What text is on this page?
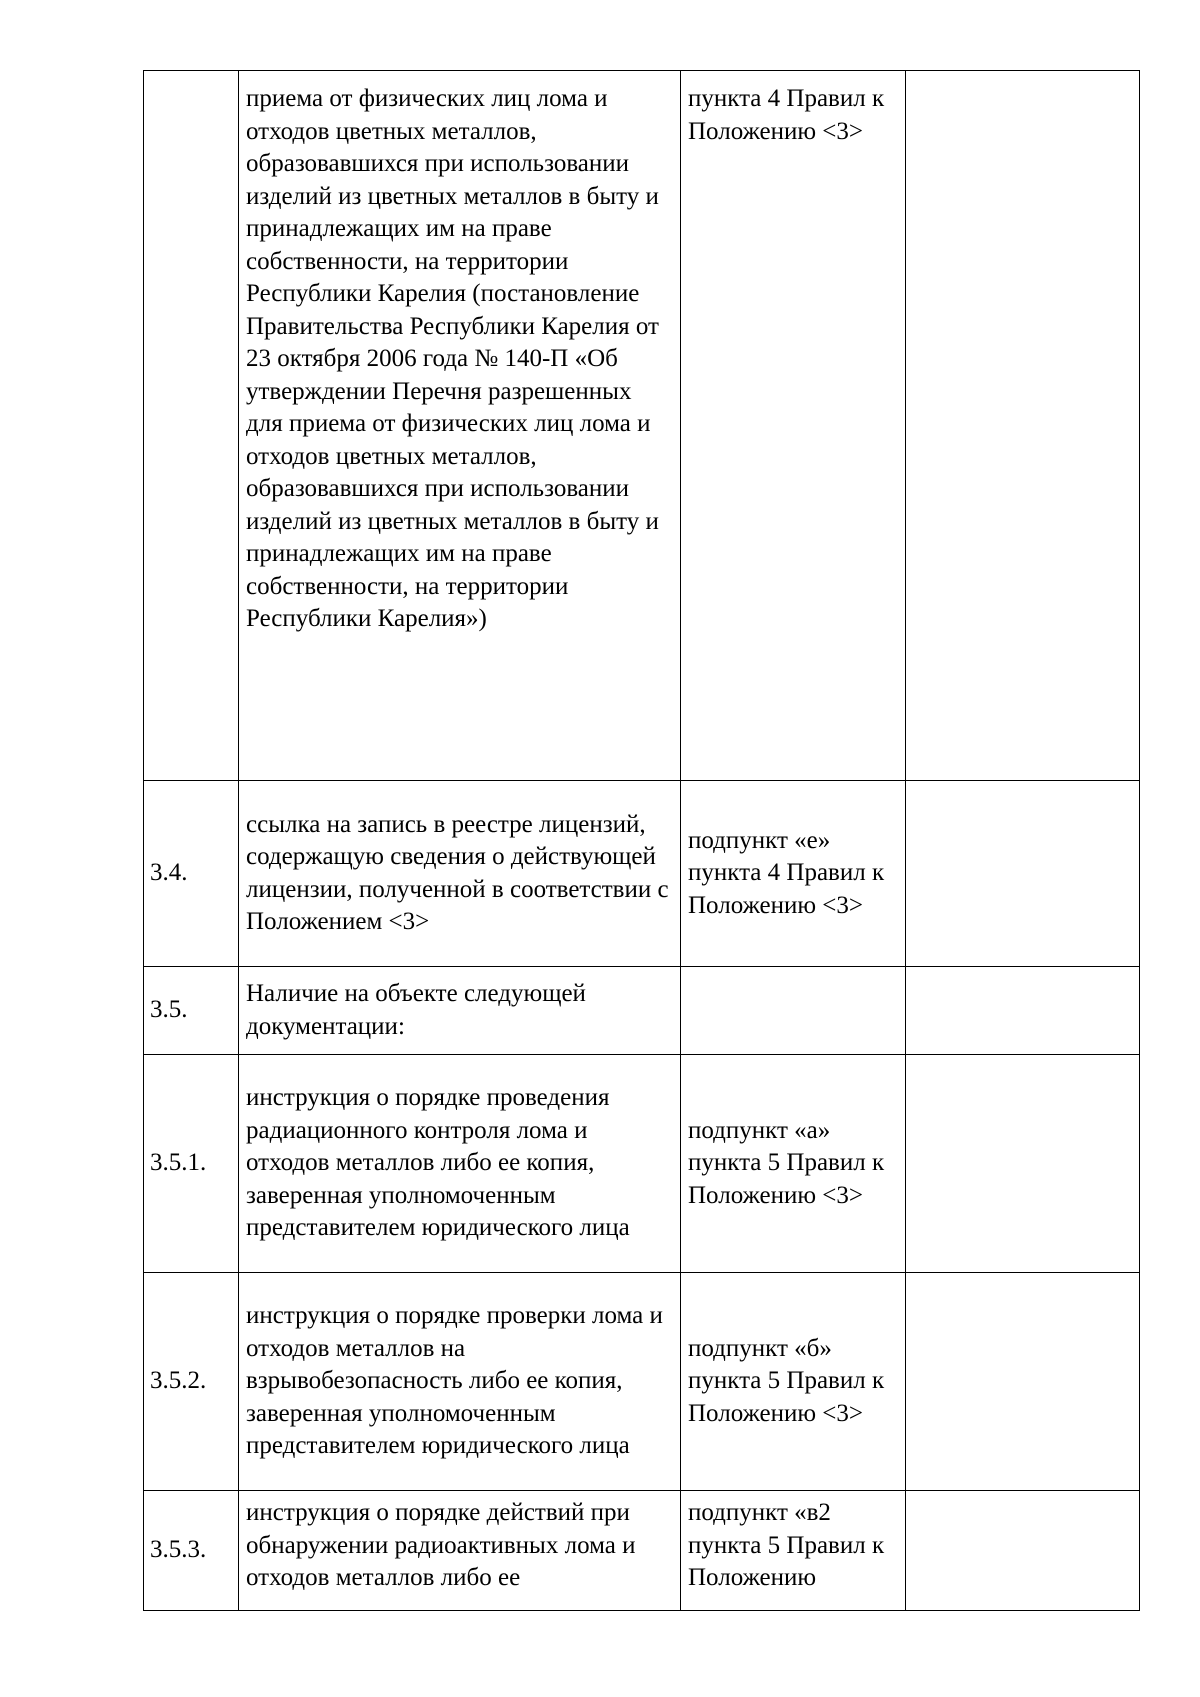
	приема от физических лиц лома и отходов цветных металлов, образовавшихся при использовании изделий из цветных металлов в быту и принадлежащих им на праве собственности, на территории Республики Карелия (постановление Правительства Республики Карелия от 23 октября 2006 года № 140-П «Об утверждении Перечня разрешенных для приема от физических лиц лома и отходов цветных металлов, образовавшихся при использовании изделий из цветных металлов в быту и принадлежащих им на праве собственности, на территории Республики Карелия»)	пункта 4 Правил к Положению <3>	

3.4.	ссылка на запись в реестре лицензий, содержащую сведения о действующей лицензии, полученной в соответствии с Положением <3>	подпункт «е» пункта 4 Правил к Положению <3>	

3.5.	Наличие на объекте следующей документации:		

3.5.1.	инструкция о порядке проведения радиационного контроля лома и отходов металлов либо ее копия, заверенная уполномоченным представителем юридического лица	подпункт «а» пункта 5 Правил к Положению <3>	

3.5.2.	инструкция о порядке проверки лома и отходов металлов на взрывобезопасность либо ее копия, заверенная уполномоченным представителем юридического лица	подпункт «б» пункта 5 Правил к Положению <3>	

3.5.3.	инструкция о порядке действий при обнаружении радиоактивных лома и отходов металлов либо ее	подпункт «в2 пункта 5 Правил к Положению	
